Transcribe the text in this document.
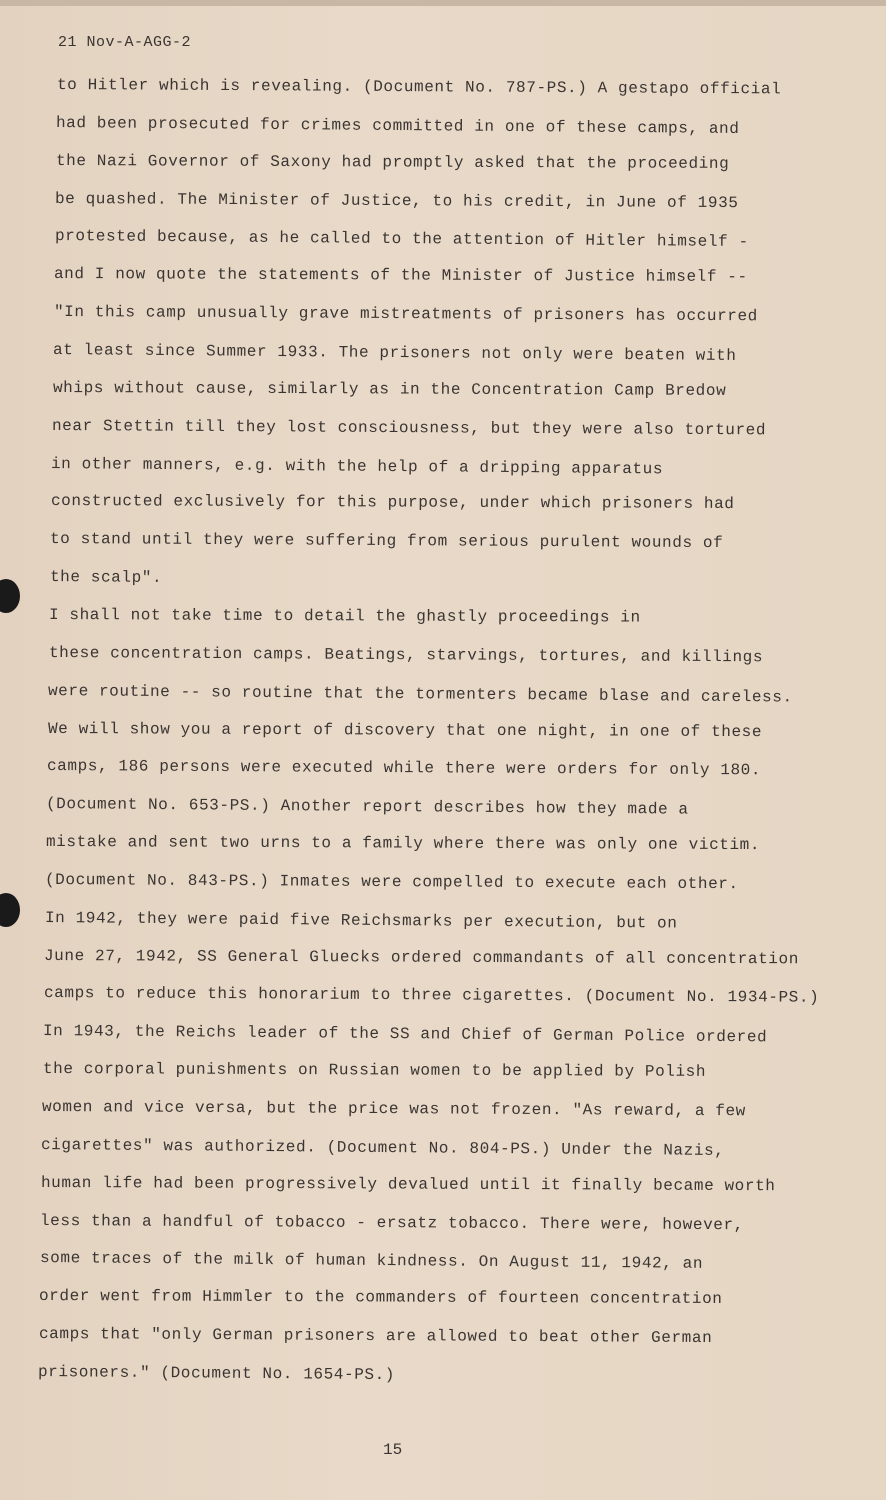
21 Nov-A-AGG-2
to Hitler which is revealing. (Document No. 787-PS.) A gestapo official
had been prosecuted for crimes committed in one of these camps, and
the Nazi Governor of Saxony had promptly asked that the proceeding
be quashed. The Minister of Justice, to his credit, in June of 1935
protested because, as he called to the attention of Hitler himself -
and I now quote the statements of the Minister of Justice himself --
"In this camp unusually grave mistreatments of prisoners has occurred
at least since Summer 1933. The prisoners not only were beaten with
whips without cause, similarly as in the Concentration Camp Bredow
near Stettin till they lost consciousness, but they were also tortured
in other manners, e.g. with the help of a dripping apparatus
constructed exclusively for this purpose, under which prisoners had
to stand until they were suffering from serious purulent wounds of
the scalp".
I shall not take time to detail the ghastly proceedings in
these concentration camps. Beatings, starvings, tortures, and killings
were routine -- so routine that the tormenters became blase and careless.
We will show you a report of discovery that one night, in one of these
camps, 186 persons were executed while there were orders for only 180.
(Document No. 653-PS.) Another report describes how they made a
mistake and sent two urns to a family where there was only one victim.
(Document No. 843-PS.) Inmates were compelled to execute each other.
In 1942, they were paid five Reichsmarks per execution, but on
June 27, 1942, SS General Gluecks ordered commandants of all concentration
camps to reduce this honorarium to three cigarettes. (Document No. 1934-PS.)
In 1943, the Reichs leader of the SS and Chief of German Police ordered
the corporal punishments on Russian women to be applied by Polish
women and vice versa, but the price was not frozen. "As reward, a few
cigarettes" was authorized. (Document No. 804-PS.) Under the Nazis,
human life had been progressively devalued until it finally became worth
less than a handful of tobacco - ersatz tobacco. There were, however,
some traces of the milk of human kindness. On August 11, 1942, an
order went from Himmler to the commanders of fourteen concentration
camps that "only German prisoners are allowed to beat other German
prisoners." (Document No. 1654-PS.)
15
